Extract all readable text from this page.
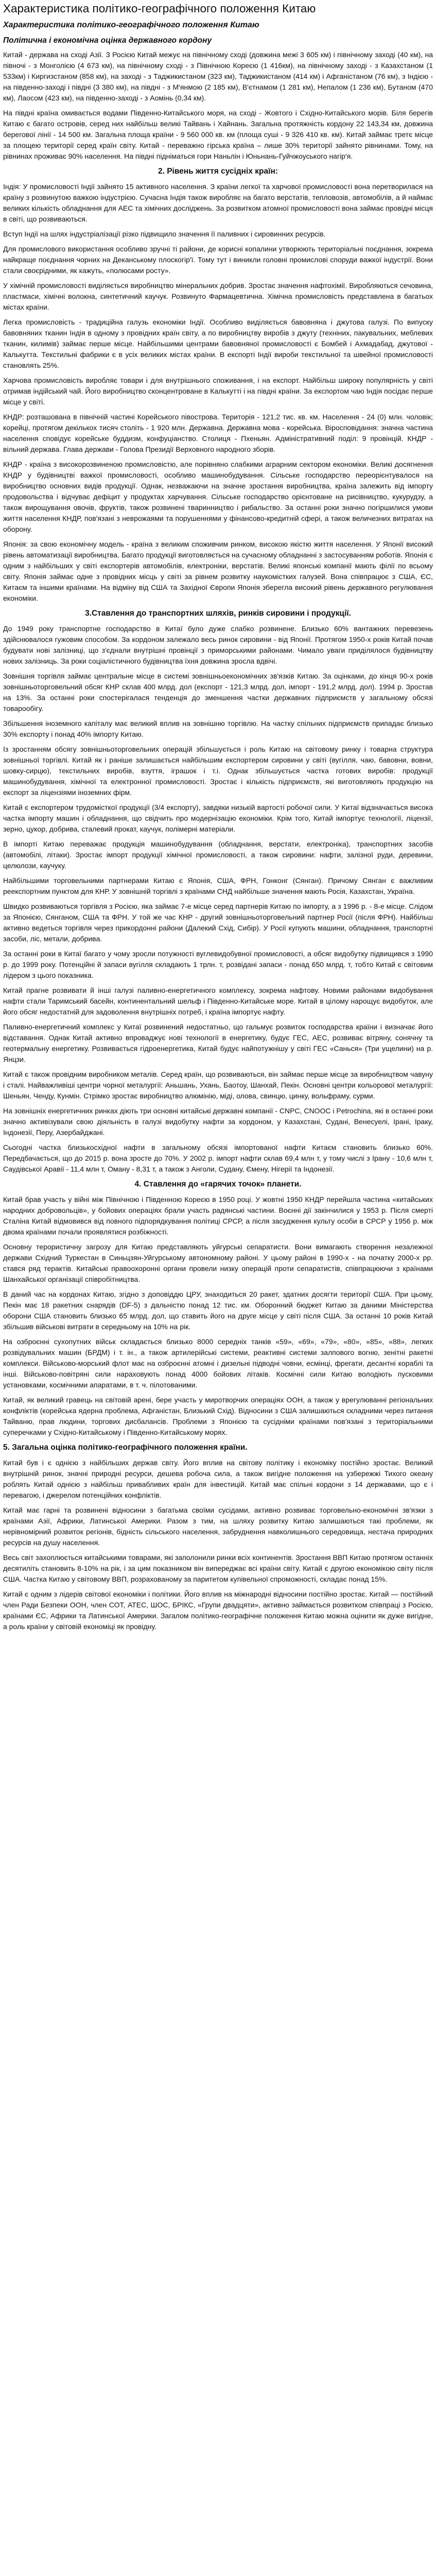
Характеристика політико-географічного положення Китаю
Характеристика політико-географічного положення Китаю
Політична і економічна оцінка державного кордону
Китай - держава на сході Азії. З Росією Китай межує на північному сході (довжина межі 3 605 км) і північному заході (40 км), на півночі - з Монголією (4 673 км), на північному сході - з Північною Кореєю (1 416км), на північному заході - з Казахстаном (1 533км) і Киргизстаном (858 км), на заході - з Таджикистаном (323 км), Таджикистаном (414 км) і Афганістаном (76 км), з Індією - на південно-заході і півдні (3 380 км), на півдні - з М'янмою (2 185 км), В'єтнамом (1 281 км), Непалом (1 236 км), Бутаном (470 км), Лаосом (423 км), на південно-заході - з Аомінь (0,34 км).
На півдні країна омивається водами Південно-Китайського моря, на сході - Жовтого і Східно-Китайського морів. Біля берегів Китаю є багато островів, серед них найбільш великі Тайвань і Хайнань. Загальна протяжність кордону 22 143,34 км, довжина берегової лінії - 14 500 км. Загальна площа країни - 9 560 000 кв. км (площа суші - 9 326 410 кв. км). Китай займає третє місце за площею території серед країн світу. Китай - переважно гірська країна – лише 30% території зайнято рівнинами. Тому, на рівнинах проживає 90% населення. На півдні підніматься гори Наньлін і Юньнань-Гуйчжоуського нагір'я.
2. Рівень життя сусідніх країн:
Індія: У промисловості Індії зайнято 15 активного населення. З країни легкої та харчової промисловості вона перетворилася на країну з розвинутою важкою індустрією. Сучасна Індія також виробляє на багато верстатів, тепловозів, автомобілів, а й наймає великих кількість обладнання для АЕС та хімічних досліджень. За розвитком атомної промисловості вона займає провідні місця в світі, що розвиваються.
Вступ Індії на шлях індустріалізації різко підвищило значення її паливних і сировинних ресурсів.
Для промислового використання особливо зручні ті райони, де корисні копалини утворюють територіальні поєднання, зокрема найкраще поєднання чорних на Деканському плоскогір'ї. Тому тут і виникли головні промислові споруди важкої індустрії. Вони стали своєрідними, як кажуть, «полюсами росту».
У хімічній промисловості виділяється виробництво мінеральних добрив. Зростає значення нафтохімії. Виробляються сечовина, пластмаси, хімічні волокна, синтетичний каучук. Розвинуто Фармацевтична. Хімічна промисловість представлена в багатьох містах країни.
Легка промисловість - традиційна галузь економіки Індії. Особливо виділяється бавовняна і джутова галузі. По випуску бавовняних тканин Індія в одному з провідних країн світу, а по виробництву виробів з джуту (техніних, пакувальних, меблевих тканин, килимів) займає перше місце. Найбільшими центрами бавовняної промисловості є Бомбей і Ахмадабад, джутової - Калькутта. Текстильні фабрики є в усіх великих містах країни. В експорті Індії вироби текстильної та швейної промисловості становлять 25%.
Харчова промисловість виробляє товари і для внутрішнього споживання, і на експорт. Найбільш широку популярність у світі отримав індійський чай. Його виробництво сконцентроване в Калькутті і на півдні країни. За експортом чаю Індія посідає перше місце у світі.
КНДР: розташована в північній частині Корейського півострова. Територія - 121,2 тис. кв. км. Населення - 24 (0) млн. чоловік; корейці, протягом декількох тисяч століть - 1 920 млн. Державна. Державна мова - корейська. Віросповідання: значна частина населення сповідує корейське буддизм, конфуціанство. Столиця - Пхеньян. Адміністративний поділ: 9 провінцій. КНДР - вільний держава. Глава держави - Голова Президії Верховного народного зборів.
КНДР - країна з високорозвиненою промисловістю, але порівняно слабкими аграрним сектором економіки. Великі досягнення КНДР у будівництві важкої промисловості, особливо машинобудування. Сільське господарство переорієнтувалося на виробництво основних видів продукції. Однак, незважаючи на значне зростання виробництва, країна залежить від імпорту продовольства і відчуває дефіцит у продуктах харчування. Сільське господарство орієнтоване на рисівництво, кукурудзу, а також вирощування овочів, фруктів, також розвинені тваринництво і рибальство. За останні роки значно погіршилися умови життя населення КНДР, пов'язані з неврожаями та порушеннями у фінансово-кредитній сфері, а також величезних витратах на оборону.
Японія: за свою економічну модель - країна з великим споживчим ринком, високою якістю життя населення. У Японії високий рівень автоматизації виробництва. Багато продукції виготовляється на сучасному обладнанні з застосуванням роботів. Японія є одним з найбільших у світі експортерів автомобілів, електроніки, верстатів. Великі японські компанії мають філії по всьому світу. Японія займає одне з провідних місць у світі за рівнем розвитку наукомістких галузей. Вона співпрацює з США, ЄС, Китаєм та іншими країнами. На відміну від США та Західної Європи Японія зберегла високий рівень державного регулювання економіки.
3.Ставлення до транспортних шляхів, ринків сировини і продукції.
До 1949 року транспортне господарство в Китаї було дуже слабко розвинене. Близько 60% вантажних перевезень здійснювалося гужовим способом. За кордоном залежало весь ринок сировини - від Японії. Протягом 1950-х років Китай почав будувати нові залізниці, що з'єднали внутрішні провінції з приморськими районами. Чимало уваги приділялося будівництву нових залізниць. За роки соціалістичного будівництва їхня довжина зросла вдвічі.
Зовнішня торгівля займає центральне місце в системі зовнішньоекономічних зв'язків Китаю. За оцінками, до кінця 90-х років зовнішньоторговельний обсяг КНР склав 400 млрд. дол (експорт - 121,3 млрд. дол, імпорт - 191,2 млрд. дол). 1994 р. Зростав на 13%. За останні роки спостерігалася тенденція до зменшення частки державних підприємств у загальному обсязі товарообігу.
Збільшення іноземного капіталу має великий вплив на зовнішню торгівлю. На частку спільних підприємств припадає близько 30% експорту і понад 40% імпорту Китаю.
Із зростанням обсягу зовнішньоторговельних операцій збільшується і роль Китаю на світовому ринку і товарна структура зовнішньої торгівлі. Китай як і раніше залишається найбільшим експортером сировини у світі (вугілля, чаю, бавовни, вовни, шовку-сирцю), текстильних виробів, взуття, іграшок і т.і. Однак збільшується частка готових виробів: продукції машинобудування, хімічної та електронної промисловості. Зростає і кількість підприємств, які виготовляють продукцію на експорт за ліцензіями іноземних фірм.
Китай є експортером трудомісткої продукції (3/4 експорту), завдяки низькій вартості робочої сили. У Китаї відзначається висока частка імпорту машин і обладнання, що свідчить про модернізацію економіки. Крім того, Китай імпортує технології, ліцензії, зерно, цукор, добрива, сталевий прокат, каучук, полімерні матеріали.
В імпорті Китаю переважає продукція машинобудування (обладнання, верстати, електроніка), транспортних засобів (автомобілі, літаки). Зростає імпорт продукції хімічної промисловості, а також сировини: нафти, залізної руди, деревини, целюлози, каучуку.
Найбільшими торговельними партнерами Китаю є Японія, США, ФРН, Гонконг (Сянган). Причому Сянган є важливим реекспортним пунктом для КНР. У зовнішній торгівлі з країнами СНД найбільше значення мають Росія, Казахстан, Україна.
Швидко розвиваються торгівля з Росією, яка займає 7-е місце серед партнерів Китаю по імпорту, а з 1996 р. - 8-е місце. Слідом за Японією, Сянганом, США та ФРН. У той же час КНР - другий зовнішньоторговельний партнер Росії (після ФРН). Найбільш активно ведеться торгівля через прикордонні райони (Далекий Схід, Сибір). У Росії купують машини, обладнання, транспортні засоби, ліс, метали, добрива.
За останні роки в Китаї багато у чому зросли потужності вуглевидобувної промисловості, а обсяг видобутку підвищився з 1990 р. до 1999 року. Потенційні й запаси вугілля складають 1 трлн. т, розвідані запаси - понад 650 млрд. т, тобто Китай є світовим лідером з цього показника.
Китай прагне розвивати й інші галузі паливно-енергетичного комплексу, зокрема нафтову. Новими районами видобування нафти стали Таримський басейн, континентальний шельф і Південно-Китайське море. Китай в цілому нарощує видобуток, але його обсяг недостатній для задоволення внутрішніх потреб, і країна імпортує нафту.
Паливно-енергетичний комплекс у Китаї розвинений недостатньо, що гальмує розвиток господарства країни і визначає його відставання. Однак Китай активно впроваджує нові технології в енергетику, будує ГЕС, АЕС, розвиває вітряну, сонячну та геотермальну енергетику. Розвивається гідроенергетика, Китай будує найпотужнішу у світі ГЕС «Санься» (Три ущелини) на р. Янцзи.
Китай є також провідним виробником металів. Серед країн, що розвиваються, він займає перше місце за виробництвом чавуну і сталі. Найважливіші центри чорної металургії: Аньшань, Ухань, Баотоу, Шанхай, Пекін. Основні центри кольорової металургії: Шеньян, Ченду, Кунмін. Стрімко зростає виробництво алюмінію, міді, олова, свинцю, цинку, вольфраму, сурми.
На зовнішніх енергетичних ринках діють три основні китайські державні компанії - CNPC, CNOOC і Petrochina, які в останні роки значно активізували свою діяльність в галузі видобутку нафти за кордоном, у Казахстані, Судані, Венесуелі, Ірані, Іраку, Індонезії, Перу, Азербайджані.
Сьогодні частка близькосхідної нафти в загальному обсязі імпортованої нафти Китаєм становить близько 60%. Передбачається, що до 2015 р. вона зросте до 70%. У 2002 р. імпорт нафти склав 69,4 млн т, у тому числі з Ірану - 10,6 млн т, Саудівської Аравії - 11,4 млн т, Оману - 8,31 т, а також з Анголи, Судану, Ємену, Нігерії та Індонезії.
4. Ставлення до «гарячих точок» планети.
Китай брав участь у війні між Північною і Південною Кореєю в 1950 році. У жовтні 1950 КНДР перейшла частина «китайських народних добровольців», у бойових операціях брали участь радянські частини. Воєнні дії закінчилися у 1953 р. Після смерті Сталіна Китай відмовився від повного підпорядкування політиці СРСР, а після засудження культу особи в СРСР у 1956 р. між двома країнами почали проявлятися розбіжності.
Основну терористичну загрозу для Китаю представляють уйгурські сепаратисти. Вони вимагають створення незалежної держави Східний Туркестан в Синьцзян-Уйгурському автономному районі. У цьому районі в 1990-х - на початку 2000-х рр. стався ряд терактів. Китайські правоохоронні органи провели низку операцій проти сепаратистів, співпрацюючи з країнами Шанхайської організації співробітництва.
В даний час на кордонах Китаю, згідно з доповіддю ЦРУ, знаходиться 20 ракет, здатних досягти території США. При цьому, Пекін має 18 ракетних снарядів (DF-5) з дальністю понад 12 тис. км. Оборонний бюджет Китаю за даними Міністерства оборони США становить близько 65 млрд. дол, що ставить його на друге місце у світі після США. За останні 10 років Китай збільшив військові витрати в середньому на 10% на рік.
На озброєнні сухопутних військ складається близько 8000 середніх танків «59», «69», «79», «80», «85», «88», легких розвідувальних машин (БРДМ) і т. ін., а також артилерійські системи, реактивні системи залпового вогню, зенітні ракетні комплекси. Військово-морський флот має на озброєнні атомні і дизельні підводні човни, есмінці, фрегати, десантні кораблі та інші. Військово-повітряні сили нараховують понад 4000 бойових літаків. Космічні сили Китаю володіють пусковими установками, космічними апаратами, в т. ч. пілотованими.
Китай, як великий гравець на світовій арені, бере участь у миротворчих операціях ООН, а також у врегулюванні регіональних конфліктів (корейська ядерна проблема, Афганістан, Близький Схід). Відносини з США залишаються складними через питання Тайваню, прав людини, торгових дисбалансів. Проблеми з Японією та сусідніми країнами пов'язані з територіальними суперечками у Східно-Китайському і Південно-Китайському морях.
5. Загальна оцінка політико-географічного положення країни.
Китай був і є однією з найбільших держав світу. Його вплив на світову політику і економіку постійно зростає. Великий внутрішній ринок, значні природні ресурси, дешева робоча сила, а також вигідне положення на узбережжі Тихого океану роблять Китай однією з найбільш привабливих країн для інвестицій. Китай має спільні кордони з 14 державами, що є і перевагою, і джерелом потенційних конфліктів.
Китай має гарні та розвинені відносини з багатьма своїми сусідами, активно розвиває торговельно-економічні зв'язки з країнами Азії, Африки, Латинської Америки. Разом з тим, на шляху розвитку Китаю залишаються такі проблеми, як нерівномірний розвиток регіонів, бідність сільського населення, забруднення навколишнього середовища, нестача природних ресурсів на душу населення.
Весь світ захоплюється китайськими товарами, які заполонили ринки всіх континентів. Зростання ВВП Китаю протягом останніх десятиліть становить 8-10% на рік, і за цим показником він випереджає всі країни світу. Китай є другою економікою світу після США. Частка Китаю у світовому ВВП, розрахованому за паритетом купівельної спроможності, складає понад 15%.
Китай є одним з лідерів світової економіки і політики. Його вплив на міжнародні відносини постійно зростає. Китай — постійний член Ради Безпеки ООН, член СОТ, АТЕС, ШОС, БРІКС, «Групи двадцяти», активно займається розвитком співпраці з Росією, країнами ЄС, Африки та Латинської Америки. Загалом політико-географічне положення Китаю можна оцінити як дуже вигідне, а роль країни у світовій економіці як провідну.
